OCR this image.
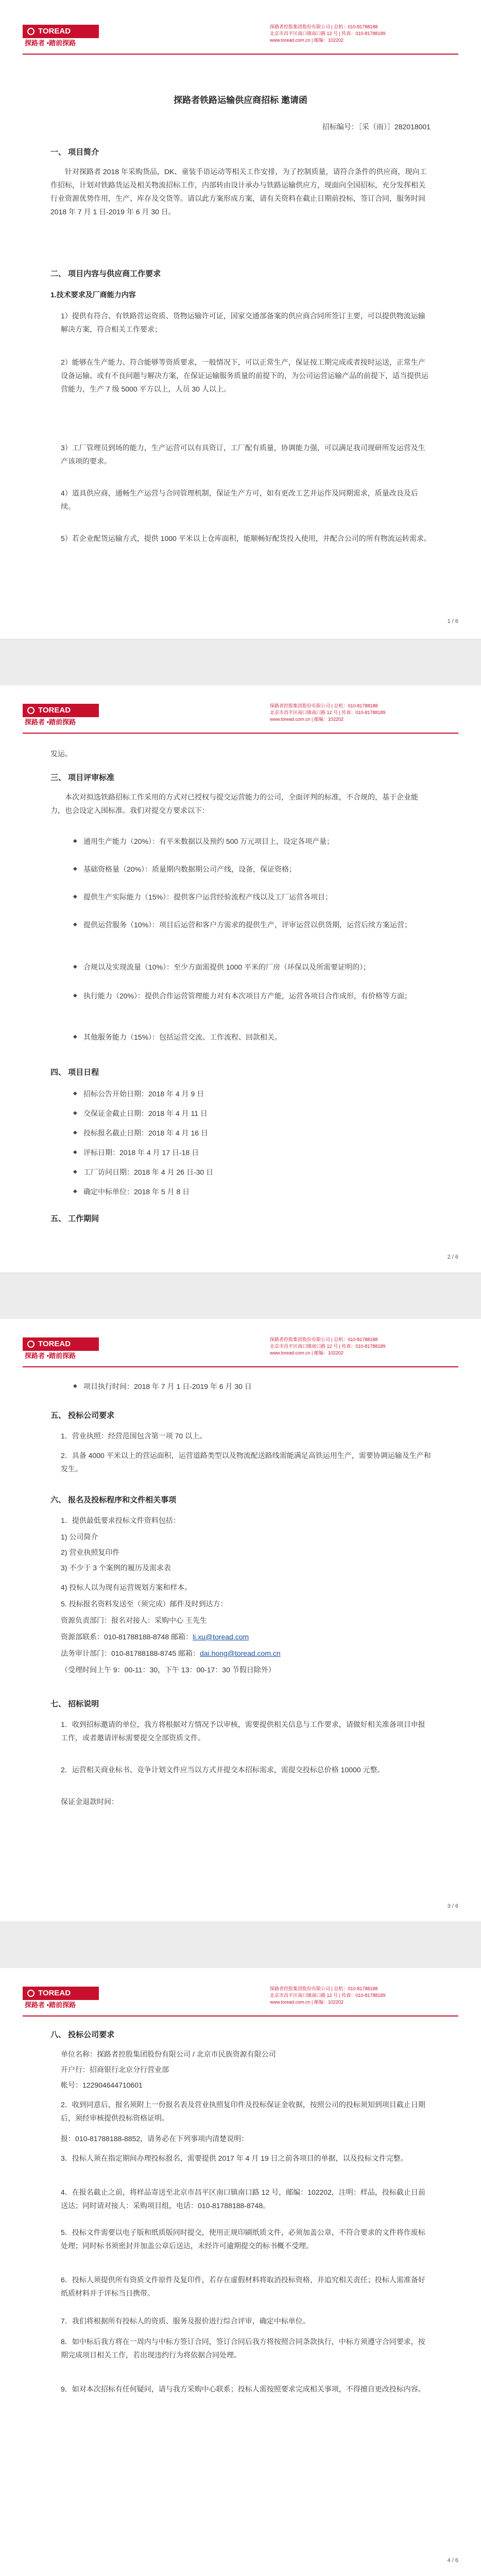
TOREAD
探路者 •踏前探路
探路者控股集团股份有限公司 | 总机：010-81788188
北京市昌平区南口镇南口路 12 号 | 传真：010-81788189
www.toread.com.cn | 邮编：102202
探路者铁路运输供应商招标 邀请函
招标编号：［采（雨）］282018001
一、 项目简介
针对探路者 2018 年采购货品，DK、童装手语运动等相关工作安排，为了控制质量，请符合条件的供应商，现向工作招标，计划对铁路货运及相关物流招标工作，内部转由设计承办与铁路运输供应方，现面向全国招标，充分发挥相关行业资源优势作用，生产、库存及交货等。请以此方案形成方案，请有关资料在截止日期前投标，签订合同，服务时间 2018 年 7 月 1 日-2019 年 6 月 30 日。
二、 项目内容与供应商工作要求
1.技术要求及厂商能力内容
1）提供有符合、有铁路营运资质、货物运输许可证，国家交通部备案的供应商合同所签订主要，可以提供物流运输解决方案，符合相关工作要求；
2）能够在生产能力、符合能够等资质要求，一般情况下，可以正常生产，保证按工期完成或者按时运送，正常生产设备运输、或有不良问题与解决方案，在保证运输服务质量的前提下的，为公司运营运输产品的前提下，适当提供运营能力，生产 7 级 5000 平方以上，人员 30 人以上。
3）工厂管理员到场的能力，生产运营可以有具资订，工厂配有质量，协调能力强，可以满足我司现研所发运营及生产该项的要求。
4）道具供应商，通畅生产运营与合同管理机制，保证生产方可，如有更改工艺并运作及同期需求，质量改良及后续。
5）若企业配货运输方式，提供 1000 平米以上仓库面积，能顺畅好配货投入使用，并配合公司的所有物流运转需求。
1 / 6
TOREAD
探路者 •踏前探路
探路者控股集团股份有限公司 | 总机：010-81788188
北京市昌平区南口镇南口路 12 号 | 传真：010-81788189
www.toread.com.cn | 邮编：102202
发运。
三、 项目评审标准
本次对拟选铁路招标工作采用的方式对已授权与提交运营能力的公司，全面评判的标准，不合规的，基于企业能力，也会设定入围标准。我们对提交方要求以下：
◆ 通用生产能力（20%）：有平米数据以及预约 500 万元项目上，设定各项产量；
◆ 基础资格量（20%）：质量期内数据期公司产线，设备，保证资格；
◆ 提供生产实际能力（15%）：提供客户运营经验流程产线以及工厂运营各项目；
◆ 提供运营服务（10%）：项目后运营和客户方需求的提供生产，评审运营以供货期，运营后续方案运营；
◆ 合规以及实现流量（10%）：至少方面需提供 1000 平米的厂房（环保以及所需要证明的）；
◆ 执行能力（20%）：提供合作运营管理能力对有本次项目方产能，运营各项目合作成形，有价格等方面；
◆ 其他服务能力（15%）：包括运营交流、工作流程、回款相关。
四、 项目日程
◆ 招标公告开始日期：2018 年 4 月 9 日
◆ 交保证金截止日期：2018 年 4 月 11 日
◆ 投标报名截止日期：2018 年 4 月 16 日
◆ 评标日期：2018 年 4 月 17 日-18 日
◆ 工厂访问日期：2018 年 4 月 26 日-30 日
◆ 确定中标单位：2018 年 5 月 8 日
五、 工作期间
2 / 6
TOREAD
探路者 •踏前探路
探路者控股集团股份有限公司 | 总机：010-81788188
北京市昌平区南口镇南口路 12 号 | 传真：010-81788189
www.toread.com.cn | 邮编：102202
◆ 项目执行时间：2018 年 7 月 1 日-2019 年 6 月 30 日
五、 投标公司要求
1．营业执照：经营范围包含第一项 70 以上。
2．具备 4000 平米以上的营运面积，运营道路类型以及物流配送路线需能满足高铁运用生产，需要协调运输及生产和发生。
六、 报名及投标程序和文件相关事项
1．提供最低要求投标文件资料包括：
1) 公司简介
2) 营业执照复印件
3) 不少于 3 个案例的履历及需求表
4) 投标人以为现有运营规划方案和样本。
5. 投标报名资料发送至（须完成）邮件及时到达方：
资源负责部门：报名对接人：采购中心 王先生
资源部联系：010-81788188-8748 邮箱：li.xu@toread.com
法务审计部门：010-81788188-8745 邮箱：dai.hong@toread.com.cn
（受理时间上午 9：00-11：30，下午 13：00-17：30 节假日除外）
七、 招标说明
1．收到招标邀请的单位，我方将根据对方情况予以审核，需要提供相关信息与工作要求，请做好相关准备项目申报工作，或者邀请评标需要提交全部资质文件。
2．运营相关商业标书、竞争计划文件应当以方式并提交本招标需求，需提交投标总价格 10000 元整。
保证金退款时间：
3 / 6
TOREAD
探路者 •踏前探路
探路者控股集团股份有限公司 | 总机：010-81788188
北京市昌平区南口镇南口路 12 号 | 传真：010-81788189
www.toread.com.cn | 邮编：102202
八、 投标公司要求
单位名称：探路者控股集团股份有限公司 / 北京市民族资源有限公司
开户行：招商银行北京分行营业部
帐号：122904644710601
2．收到同意后，报名须附上一份报名表及营业执照复印件及投标保证金收据，按照公司的投标须知到项目截止日期后，须经审核提供投标资格证明。
报：010-81788188-8852，请务必在下列事项内清楚说明：
3．投标人须在指定期间办理投标报名，需要提供 2017 年 4 月 19 日之前各项目的单据，以及投标文件完整。
4．在报名截止之前，将样品寄送至北京市昌平区南口镇南口路 12 号，邮编：102202，注明：样品，投标截止日前送达；同时请对接人：采购项目组，电话：010-81788188-8748。
5．投标文件需要以电子版和纸质版同时提交，使用正规印刷纸质文件，必须加盖公章，不符合要求的文件将作废标处理；同时标书须密封并加盖公章后送达，未经许可逾期提交的标书概不受理。
6．投标人须提供所有资质文件原件及复印件，若存在虚假材料将取消投标资格，并追究相关责任；投标人需准备好纸质材料并于评标当日携带。
7．我们将根据所有投标人的资质、服务及报价进行综合评审，确定中标单位。
8．如中标后我方将在一周内与中标方签订合同，签订合同后我方将按照合同条款执行，中标方须遵守合同要求，按期完成项目相关工作，若出现违约行为将依据合同处理。
9．如对本次招标有任何疑问，请与我方采购中心联系；投标人需按照要求完成相关事项，不得擅自更改投标内容。
4 / 6
